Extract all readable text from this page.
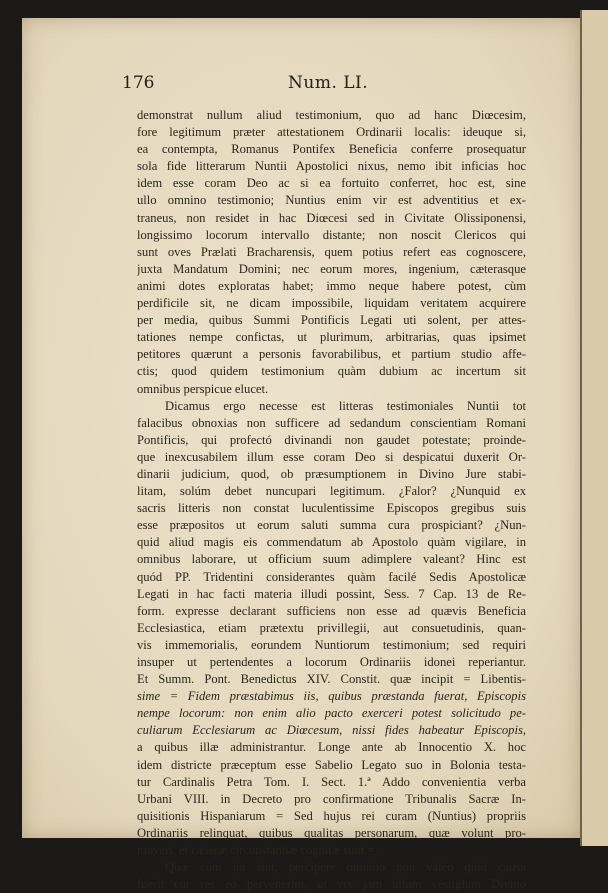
176	Num. LI.
demonstrat nullum aliud testimonium, quo ad hanc Diœcesim,
fore legitimum præter attestationem Ordinarii localis: ideuque si,
ea contempta, Romanus Pontifex Beneficia conferre prosequatur
sola fide litterarum Nuntii Apostolici nixus, nemo ibit inficias hoc
idem esse coram Deo ac si ea fortuito conferret, hoc est, sine
ullo omnino testimonio; Nuntius enim vir est adventitius et ex-
traneus, non residet in hac Diœcesi sed in Civitate Olissiponensi,
longissimo locorum intervallo distante; non noscit Clericos qui
sunt oves Prælati Bracharensis, quem potius refert eas cognoscere,
juxta Mandatum Domini; nec eorum mores, ingenium, cæterasque
animi dotes exploratas habet; immo neque habere potest, cùm
perdificile sit, ne dicam impossibile, liquidam veritatem acquirere
per media, quibus Summi Pontificis Legati uti solent, per attes-
tationes nempe confictas, ut plurimum, arbitrarias, quas ipsimet
petitores quærunt a personis favorabilibus, et partium studio affe-
ctis; quod quidem testimonium quàm dubium ac incertum sit
omnibus perspicue elucet.
Dicamus ergo necesse est litteras testimoniales Nuntii tot
falacibus obnoxias non sufficere ad sedandum conscientiam Romani
Pontificis, qui profectó divinandi non gaudet potestate; proinde-
que inexcusabilem illum esse coram Deo si despicatui duxerit Or-
dinarii judicium, quod, ob præsumptionem in Divino Jure stabi-
litam, solúm debet nuncupari legitimum. ¿Falor? ¿Nunquid ex
sacris litteris non constat luculentissime Episcopos gregibus suis
esse præpositos ut eorum saluti summa cura prospiciant? ¿Nun-
quid aliud magis eis commendatum ab Apostolo quàm vigilare, in
omnibus laborare, ut officium suum adimplere valeant? Hinc est
quód PP. Tridentini considerantes quàm facilé Sedis Apostolicæ
Legati in hac facti materia illudi possint, Sess. 7 Cap. 13 de Re-
form. expresse declarant sufficiens non esse ad quævis Beneficia
Ecclesiastica, etiam prætextu privillegii, aut consuetudinis, quan-
vis immemorialis, eorundem Nuntiorum testimonium; sed requiri
insuper ut pertendentes a locorum Ordinariis idonei reperiantur.
Et Summ. Pont. Benedictus XIV. Constit. quæ incipit = Libentis-
sime = Fidem præstabimus iis, quibus præstanda fuerat, Episcopis
nempe locorum: non enim alio pacto exerceri potest solicitudo pe-
culiarum Ecclesiarum ac Diœcesum, nissi fides habeatur Episcopis,
a quibus illæ administrantur. Longe ante ab Innocentio X. hoc
idem districte præceptum esse Sabelio Legato suo in Bolonia testa-
tur Cardinalis Petra Tom. I. Sect. 1.ª Addo convenientia verba
Urbani VIII. in Decreto pro confirmatione Tribunalis Sacræ In-
quisitionis Hispaniarum = Sed hujus rei curam (Nuntius) propriis
Ordinariis relinquat, quibus qualitas personarum, quæ volunt pro-
moveri, et cæteræ circunstantiæ cognitæ sunt =.
Quæ cúm ita sint, percipere omnino non valeo quid causa
fuerit cur res eó pervenerint, ut vix jam ullum vestigium Divino
